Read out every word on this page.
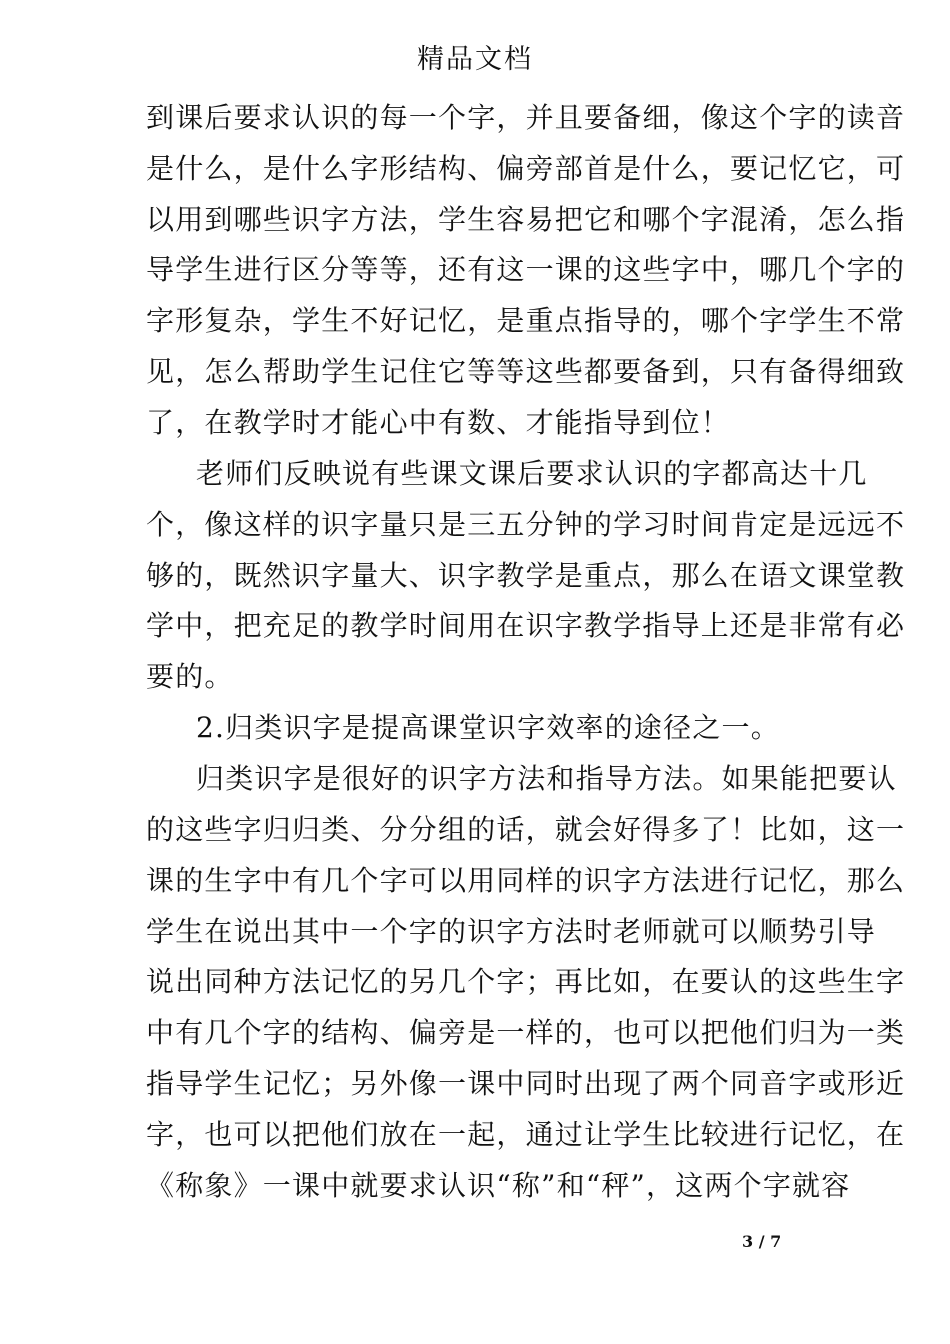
精品文档
到课后要求认识的每一个字，并且要备细，像这个字的读音
是什么，是什么字形结构、偏旁部首是什么，要记忆它，可
以用到哪些识字方法，学生容易把它和哪个字混淆，怎么指
导学生进行区分等等，还有这一课的这些字中，哪几个字的
字形复杂，学生不好记忆，是重点指导的，哪个字学生不常
见，怎么帮助学生记住它等等这些都要备到，只有备得细致
了，在教学时才能心中有数、才能指导到位！
老师们反映说有些课文课后要求认识的字都高达十几
个，像这样的识字量只是三五分钟的学习时间肯定是远远不
够的，既然识字量大、识字教学是重点，那么在语文课堂教
学中，把充足的教学时间用在识字教学指导上还是非常有必
要的。
2.归类识字是提高课堂识字效率的途径之一。
归类识字是很好的识字方法和指导方法。如果能把要认
的这些字归归类、分分组的话，就会好得多了！比如，这一
课的生字中有几个字可以用同样的识字方法进行记忆，那么
学生在说出其中一个字的识字方法时老师就可以顺势引导
说出同种方法记忆的另几个字；再比如，在要认的这些生字
中有几个字的结构、偏旁是一样的，也可以把他们归为一类
指导学生记忆；另外像一课中同时出现了两个同音字或形近
字，也可以把他们放在一起，通过让学生比较进行记忆，在
《称象》一课中就要求认识“称”和“秤”，这两个字就容
3 / 7
